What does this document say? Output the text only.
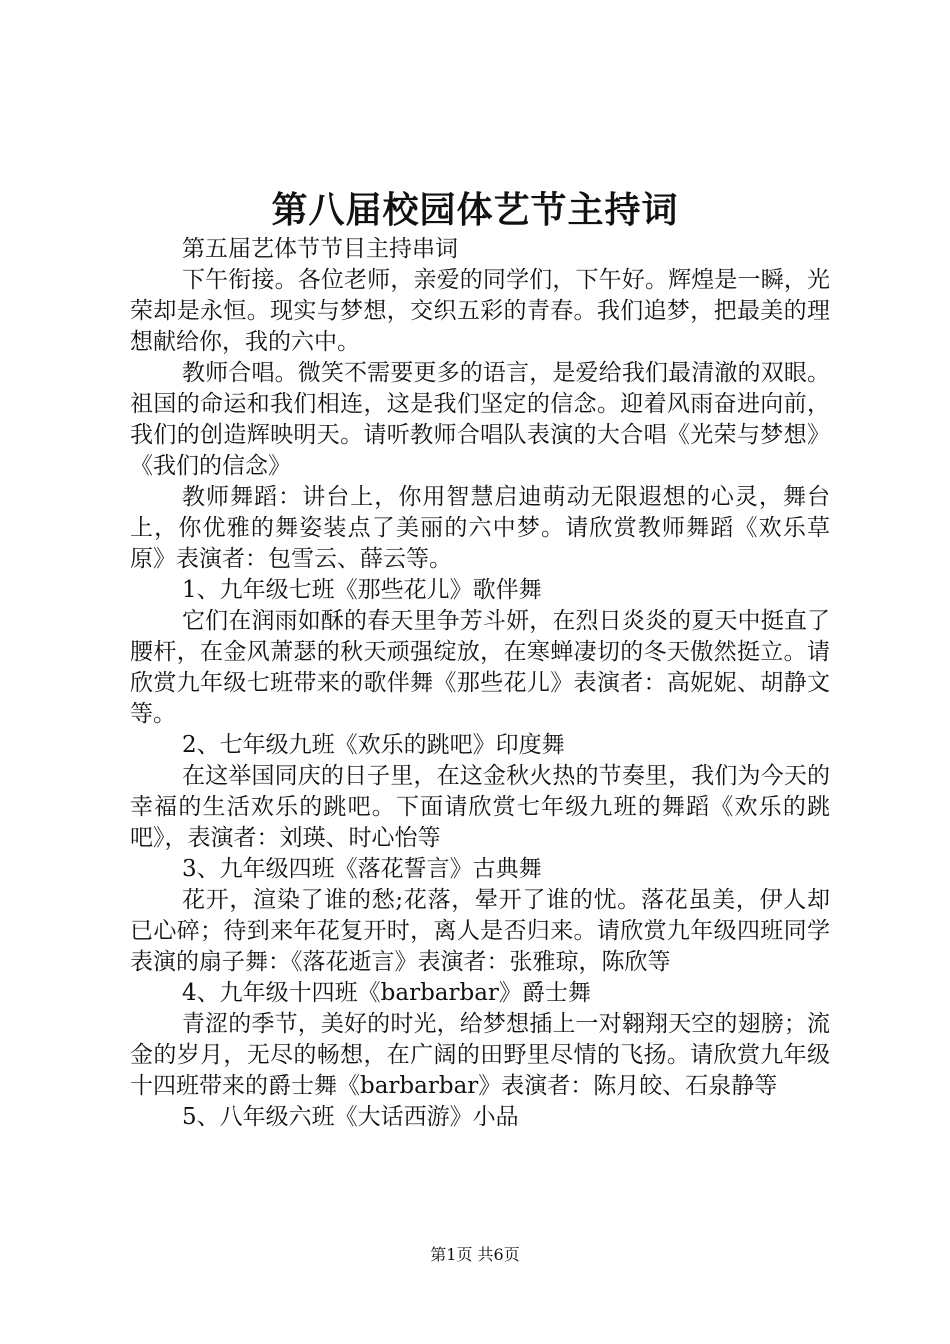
第八届校园体艺节主持词

第五届艺体节节目主持串词

下午衔接。各位老师，亲爱的同学们，下午好。辉煌是一瞬，光荣却是永恒。现实与梦想，交织五彩的青春。我们追梦，把最美的理想献给你，我的六中。

教师合唱。微笑不需要更多的语言，是爱给我们最清澈的双眼。祖国的命运和我们相连，这是我们坚定的信念。迎着风雨奋进向前，我们的创造辉映明天。请听教师合唱队表演的大合唱《光荣与梦想》《我们的信念》

教师舞蹈：讲台上，你用智慧启迪萌动无限遐想的心灵，舞台上，你优雅的舞姿装点了美丽的六中梦。请欣赏教师舞蹈《欢乐草原》表演者：包雪云、薛云等。

1、九年级七班《那些花儿》歌伴舞

它们在润雨如酥的春天里争芳斗妍，在烈日炎炎的夏天中挺直了腰杆，在金风萧瑟的秋天顽强绽放，在寒蝉凄切的冬天傲然挺立。请欣赏九年级七班带来的歌伴舞《那些花儿》表演者：高妮妮、胡静文等。

2、七年级九班《欢乐的跳吧》印度舞

在这举国同庆的日子里，在这金秋火热的节奏里，我们为今天的幸福的生活欢乐的跳吧。下面请欣赏七年级九班的舞蹈《欢乐的跳吧》，表演者：刘瑛、时心怡等

3、九年级四班《落花誓言》古典舞

花开，渲染了谁的愁;花落，晕开了谁的忧。落花虽美，伊人却已心碎；待到来年花复开时，离人是否归来。请欣赏九年级四班同学表演的扇子舞：《落花逝言》表演者：张雅琼，陈欣等

4、九年级十四班《barbarbar》爵士舞

青涩的季节，美好的时光，给梦想插上一对翱翔天空的翅膀；流金的岁月，无尽的畅想，在广阔的田野里尽情的飞扬。请欣赏九年级十四班带来的爵士舞《barbarbar》表演者：陈月皎、石泉静等

5、八年级六班《大话西游》小品

第1页 共6页
